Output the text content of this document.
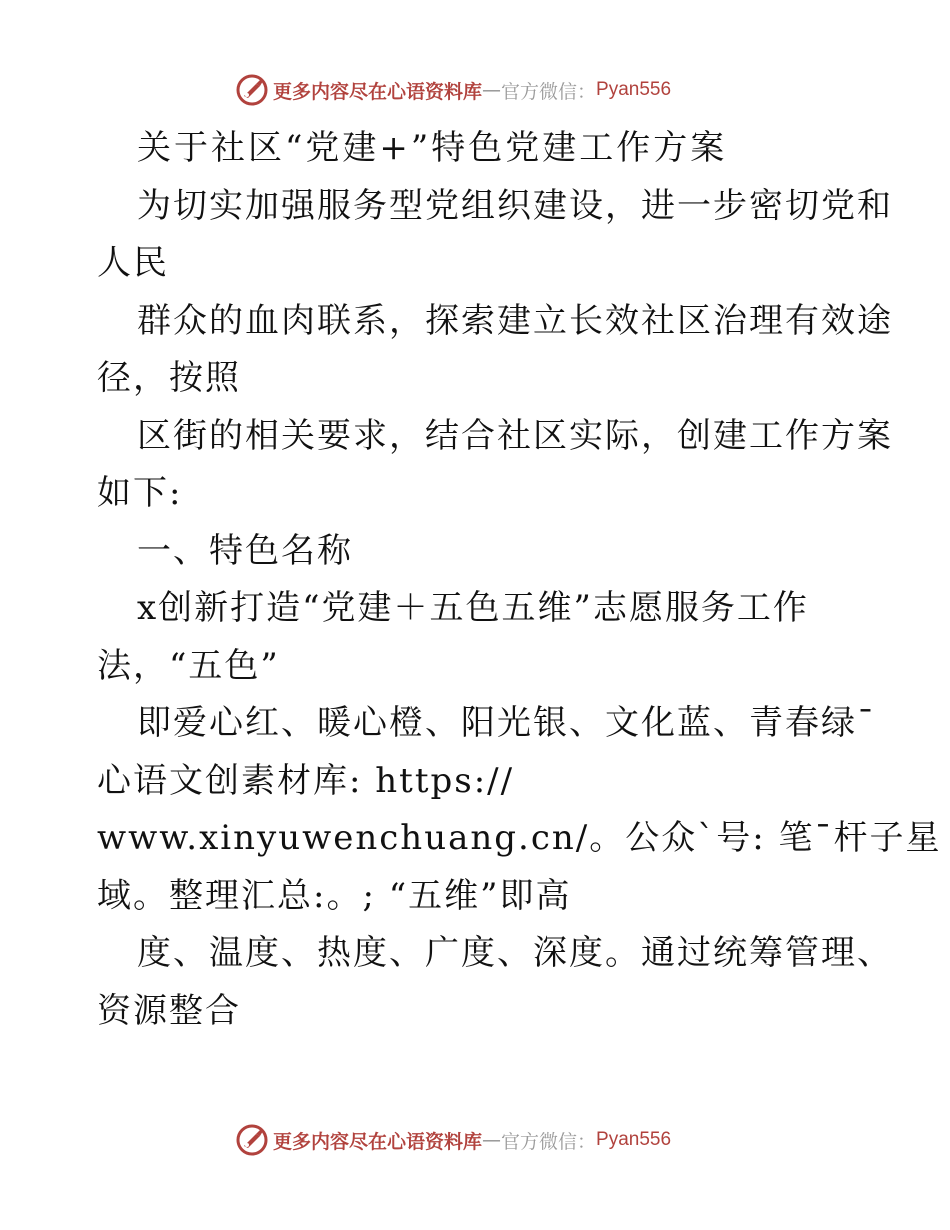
更多内容尽在心语资料库 — 官方微信： Pyan556
关于社区“党建+”特色党建工作方案
为切实加强服务型党组织建设，进一步密切党和
人民
群众的血肉联系，探索建立长效社区治理有效途
径，按照
区街的相关要求，结合社区实际，创建工作方案
如下:
一、特色名称
x创新打造“党建＋五色五维”志愿服务工作
法，“五色”
即爱心红、暖心橙、阳光银、文化蓝、青春绿¯
心语文创素材库: https://
www.xinyuwenchuang.cn/。公众ˋ号: 笔¯杆子星
域。整理汇总:。; “五维”即高
度、温度、热度、广度、深度。通过统筹管理、
资源整合
更多内容尽在心语资料库 — 官方微信： Pyan556
